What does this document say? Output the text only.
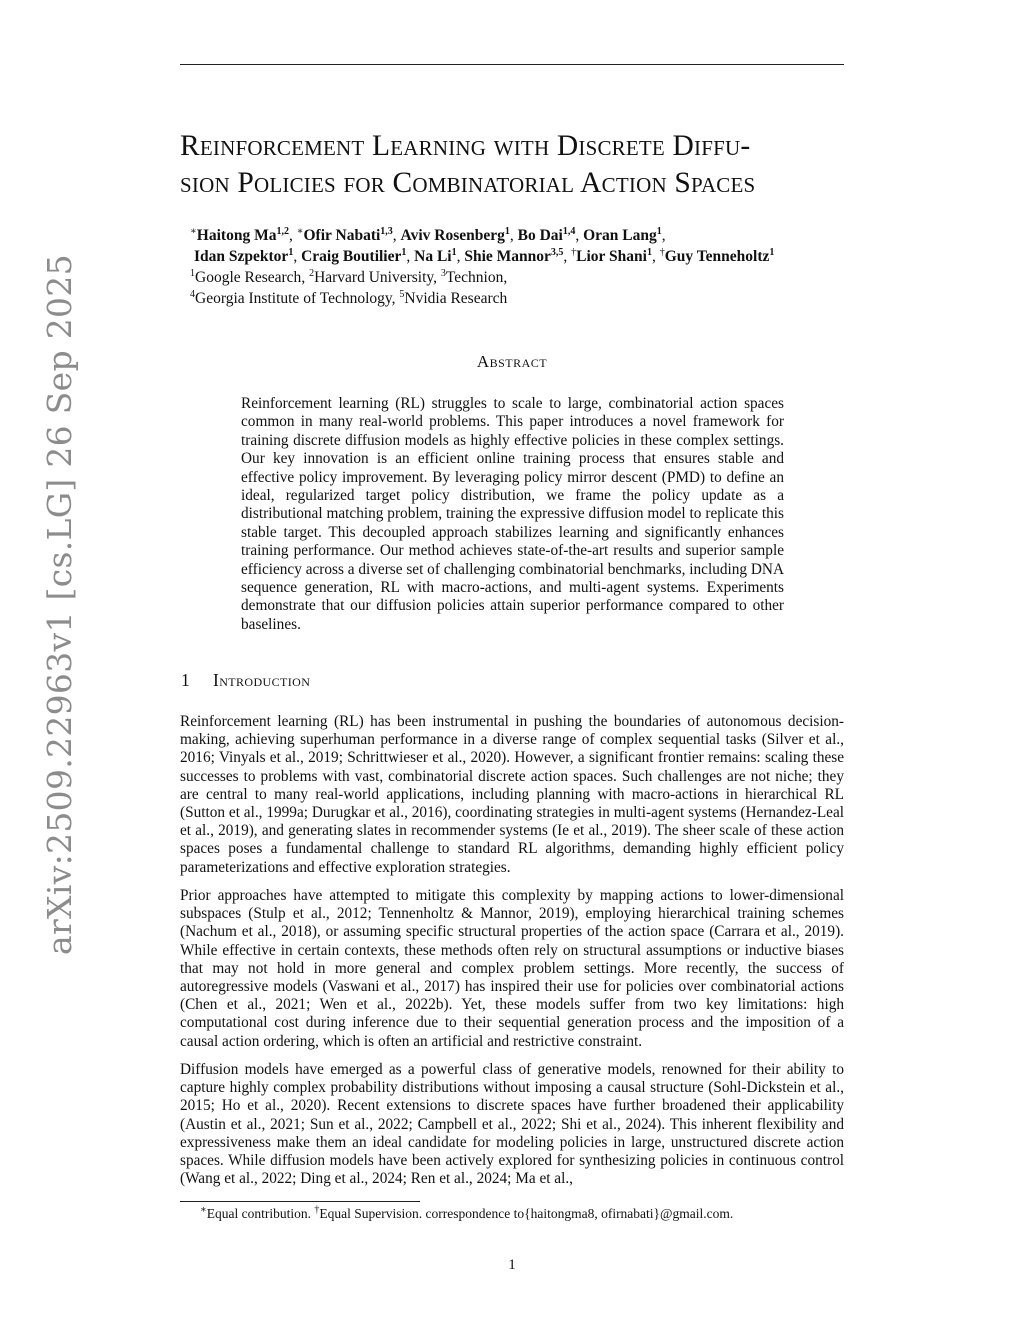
arXiv:2509.22963v1 [cs.LG] 26 Sep 2025
Reinforcement Learning with Discrete Diffu-
sion Policies for Combinatorial Action Spaces
∗Haitong Ma$^{1,2}$, ∗Ofir Nabati$^{1,3}$, Aviv Rosenberg$^1$, Bo Dai$^{1,4}$, Oran Lang$^1$,
Idan Szpektor$^1$, Craig Boutilier$^1$, Na Li$^1$, Shie Mannor$^{3,5}$, †Lior Shani$^1$, †Guy Tenneholtz$^1$
$^1$Google Research, $^2$Harvard University, $^3$Technion,
$^4$Georgia Institute of Technology, $^5$Nvidia Research
Abstract

Reinforcement learning (RL) struggles to scale to large, combinatorial action spaces common in many real-world problems. This paper introduces a novel framework for training discrete diffusion models as highly effective policies in these complex settings. Our key innovation is an efficient online training process that ensures stable and effective policy improvement. By leveraging policy mirror descent (PMD) to define an ideal, regularized target policy distribution, we frame the policy update as a distributional matching problem, training the expressive diffusion model to replicate this stable target. This decoupled approach stabilizes learning and significantly enhances training performance. Our method achieves state-of-the-art results and superior sample efficiency across a diverse set of challenging combinatorial benchmarks, including DNA sequence generation, RL with macro-actions, and multi-agent systems. Experiments demonstrate that our diffusion policies attain superior performance compared to other baselines.

1 Introduction

Reinforcement learning (RL) has been instrumental in pushing the boundaries of autonomous decision-making, achieving superhuman performance in a diverse range of complex sequential tasks (Silver et al., 2016; Vinyals et al., 2019; Schrittwieser et al., 2020). However, a significant frontier remains: scaling these successes to problems with vast, combinatorial discrete action spaces. Such challenges are not niche; they are central to many real-world applications, including planning with macro-actions in hierarchical RL (Sutton et al., 1999a; Durugkar et al., 2016), coordinating strategies in multi-agent systems (Hernandez-Leal et al., 2019), and generating slates in recommender systems (Ie et al., 2019). The sheer scale of these action spaces poses a fundamental challenge to standard RL algorithms, demanding highly efficient policy parameterizations and effective exploration strategies.

Prior approaches have attempted to mitigate this complexity by mapping actions to lower-dimensional subspaces (Stulp et al., 2012; Tennenholtz & Mannor, 2019), employing hierarchical training schemes (Nachum et al., 2018), or assuming specific structural properties of the action space (Carrara et al., 2019). While effective in certain contexts, these methods often rely on structural assumptions or inductive biases that may not hold in more general and complex problem settings. More recently, the success of autoregressive models (Vaswani et al., 2017) has inspired their use for policies over combinatorial actions (Chen et al., 2021; Wen et al., 2022b). Yet, these models suffer from two key limitations: high computational cost during inference due to their sequential generation process and the imposition of a causal action ordering, which is often an artificial and restrictive constraint.

Diffusion models have emerged as a powerful class of generative models, renowned for their ability to capture highly complex probability distributions without imposing a causal structure (Sohl-Dickstein et al., 2015; Ho et al., 2020). Recent extensions to discrete spaces have further broadened their applicability (Austin et al., 2021; Sun et al., 2022; Campbell et al., 2022; Shi et al., 2024). This inherent flexibility and expressiveness make them an ideal candidate for modeling policies in large, unstructured discrete action spaces. While diffusion models have been actively explored for synthesizing policies in continuous control (Wang et al., 2022; Ding et al., 2024; Ren et al., 2024; Ma et al.,

∗Equal contribution. †Equal Supervision. correspondence to{haitongma8, ofirnabati}@gmail.com.
1
